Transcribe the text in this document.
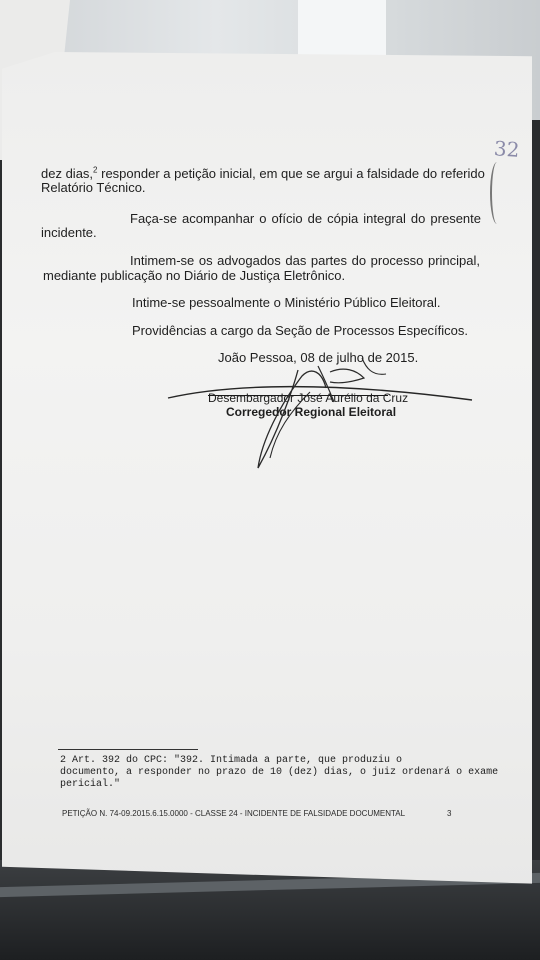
32
dez dias,$^2$ responder a petição inicial, em que se argui a falsidade do referido
Relatório Técnico.
Faça-se acompanhar o ofício de cópia integral do presente
incidente.
Intimem-se os advogados das partes do processo principal,
mediante publicação no Diário de Justiça Eletrônico.
Intime-se pessoalmente o Ministério Público Eleitoral.
Providências a cargo da Seção de Processos Específicos.
João Pessoa, 08 de julho de 2015.
Desembargador José Aurélio da Cruz
Corregedor Regional Eleitoral
2 Art. 392 do CPC: "392. Intimada a parte, que produziu o
documento, a responder no prazo de 10 (dez) dias, o juiz ordenará o exame
pericial."
PETIÇÃO N. 74-09.2015.6.15.0000 - CLASSE 24 - INCIDENTE DE FALSIDADE DOCUMENTAL	3
